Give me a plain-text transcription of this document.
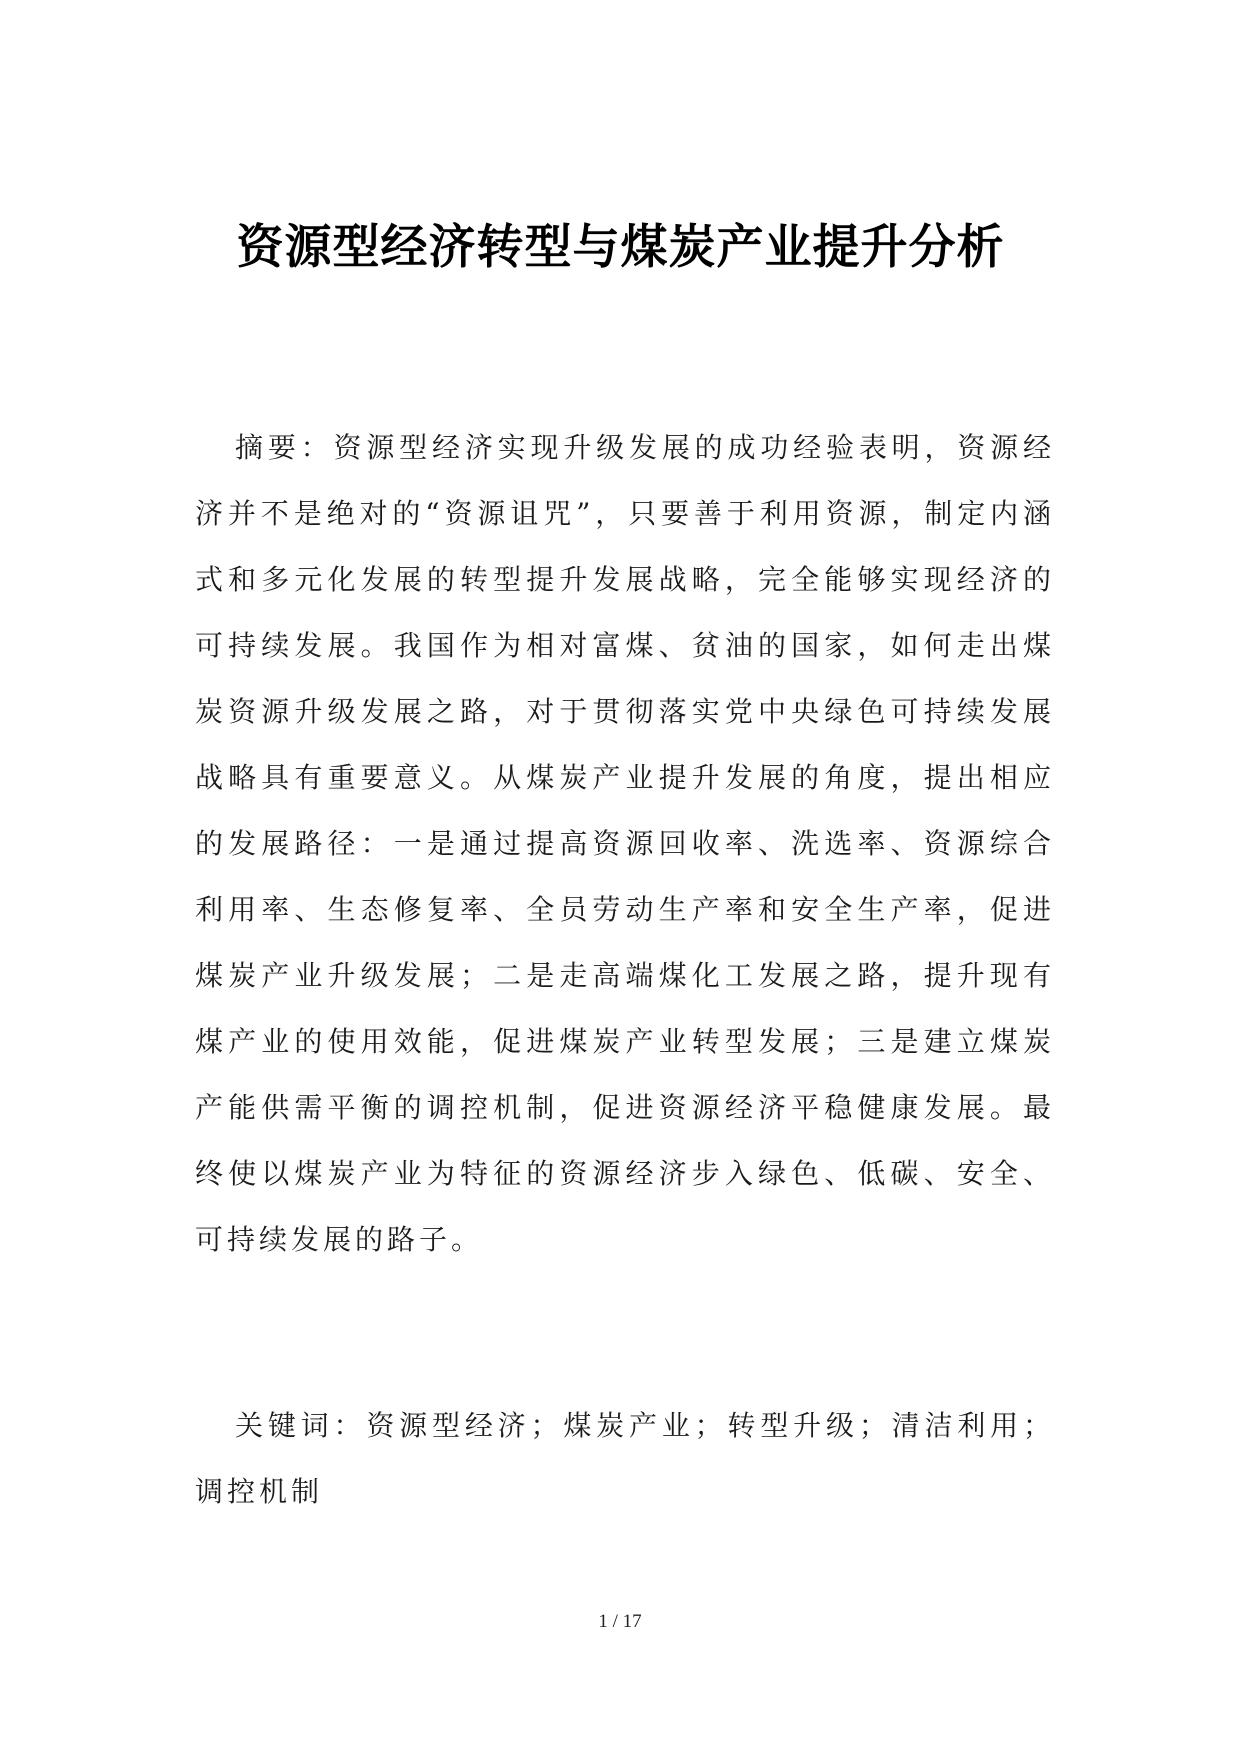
资源型经济转型与煤炭产业提升分析

摘要：资源型经济实现升级发展的成功经验表明，资源经济并不是绝对的“资源诅咒”，只要善于利用资源，制定内涵式和多元化发展的转型提升发展战略，完全能够实现经济的可持续发展。我国作为相对富煤、贫油的国家，如何走出煤炭资源升级发展之路，对于贯彻落实党中央绿色可持续发展战略具有重要意义。从煤炭产业提升发展的角度，提出相应的发展路径：一是通过提高资源回收率、洗选率、资源综合利用率、生态修复率、全员劳动生产率和安全生产率，促进煤炭产业升级发展；二是走高端煤化工发展之路，提升现有煤产业的使用效能，促进煤炭产业转型发展；三是建立煤炭产能供需平衡的调控机制，促进资源经济平稳健康发展。最终使以煤炭产业为特征的资源经济步入绿色、低碳、安全、可持续发展的路子。

关键词：资源型经济；煤炭产业；转型升级；清洁利用；调控机制

1 / 17
